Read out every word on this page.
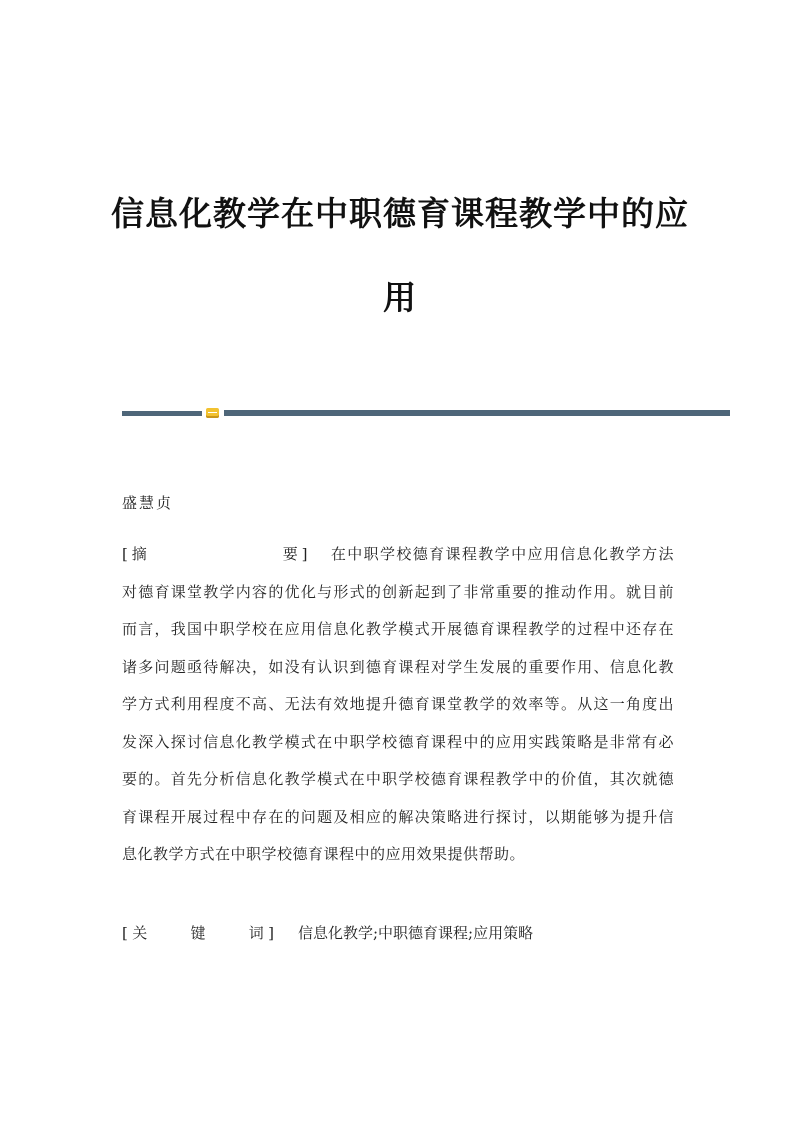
信息化教学在中职德育课程教学中的应
用
盛慧贞
[摘　　　　　　　要] 在中职学校德育课程教学中应用信息化教学方法
对德育课堂教学内容的优化与形式的创新起到了非常重要的推动作用。就目前
而言，我国中职学校在应用信息化教学模式开展德育课程教学的过程中还存在
诸多问题亟待解决，如没有认识到德育课程对学生发展的重要作用、信息化教
学方式利用程度不高、无法有效地提升德育课堂教学的效率等。从这一角度出
发深入探讨信息化教学模式在中职学校德育课程中的应用实践策略是非常有必
要的。首先分析信息化教学模式在中职学校德育课程教学中的价值，其次就德
育课程开展过程中存在的问题及相应的解决策略进行探讨，以期能够为提升信
息化教学方式在中职学校德育课程中的应用效果提供帮助。
[关　　键　　词] 信息化教学;中职德育课程;应用策略
